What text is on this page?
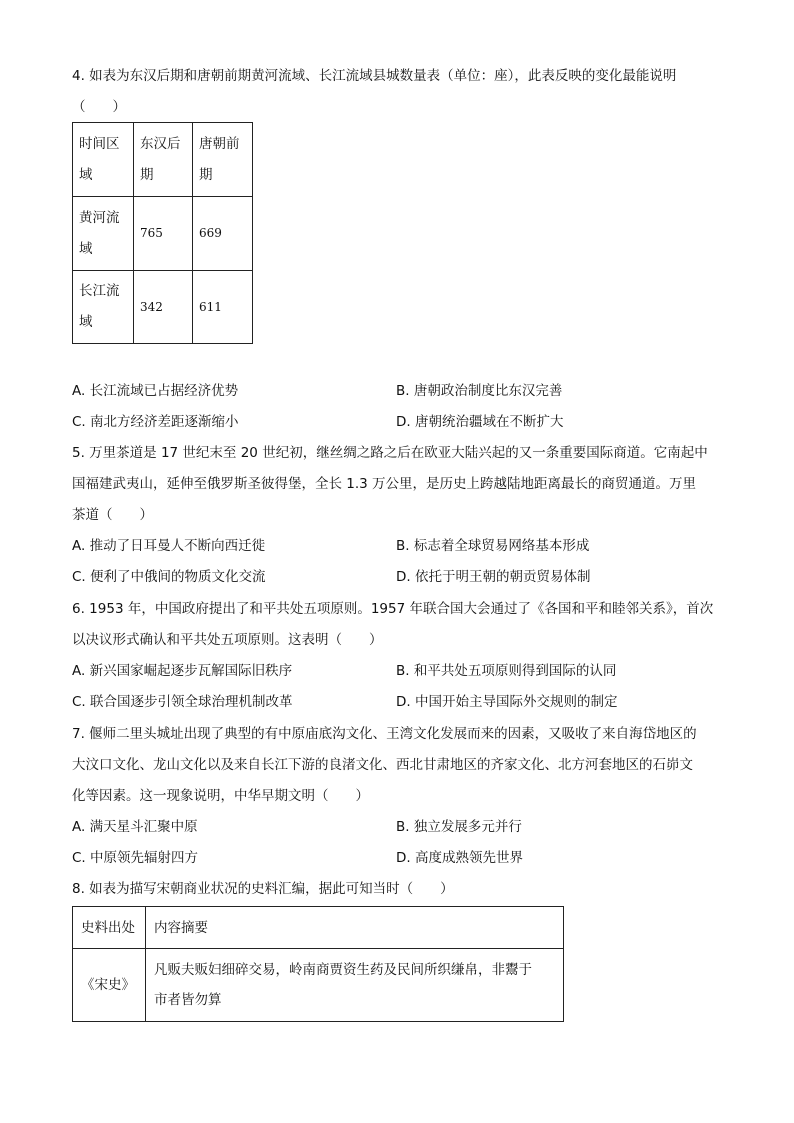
4. 如表为东汉后期和唐朝前期黄河流域、长江流域县城数量表（单位：座），此表反映的变化最能说明
（　　）
时间区域	东汉后期	唐朝前期
黄河流域	765	669
长江流域	342	611
A. 长江流域已占据经济优势	B. 唐朝政治制度比东汉完善
C. 南北方经济差距逐渐缩小	D. 唐朝统治疆域在不断扩大
5. 万里茶道是 17 世纪末至 20 世纪初，继丝绸之路之后在欧亚大陆兴起的又一条重要国际商道。它南起中
国福建武夷山，延伸至俄罗斯圣彼得堡，全长 1.3 万公里，是历史上跨越陆地距离最长的商贸通道。万里
茶道（　　）
A. 推动了日耳曼人不断向西迁徙	B. 标志着全球贸易网络基本形成
C. 便利了中俄间的物质文化交流	D. 依托于明王朝的朝贡贸易体制
6. 1953 年，中国政府提出了和平共处五项原则。1957 年联合国大会通过了《各国和平和睦邻关系》，首次
以决议形式确认和平共处五项原则。这表明（　　）
A. 新兴国家崛起逐步瓦解国际旧秩序	B. 和平共处五项原则得到国际的认同
C. 联合国逐步引领全球治理机制改革	D. 中国开始主导国际外交规则的制定
7. 偃师二里头城址出现了典型的有中原庙底沟文化、王湾文化发展而来的因素，又吸收了来自海岱地区的
大汶口文化、龙山文化以及来自长江下游的良渚文化、西北甘肃地区的齐家文化、北方河套地区的石峁文
化等因素。这一现象说明，中华早期文明（　　）
A. 满天星斗汇聚中原	B. 独立发展多元并行
C. 中原领先辐射四方	D. 高度成熟领先世界
8. 如表为描写宋朝商业状况的史料汇编，据此可知当时（　　）
史料出处	内容摘要
《宋史》	凡贩夫贩妇细碎交易，岭南商贾资生药及民间所织缣帛，非鬻于市者皆勿算
